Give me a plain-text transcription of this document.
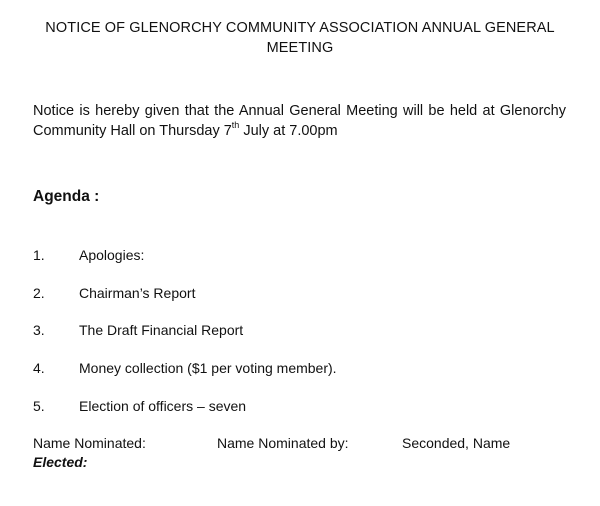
NOTICE OF GLENORCHY COMMUNITY ASSOCIATION ANNUAL GENERAL
MEETING
Notice is hereby given that the Annual General Meeting will be held at Glenorchy Community Hall on Thursday 7th July at 7.00pm
Agenda :
1. Apologies:
2. Chairman’s Report
3. The Draft Financial Report
4. Money collection ($1 per voting member).
5. Election of officers – seven
Name Nominated:	Name Nominated by:	Seconded, Name
Elected:
